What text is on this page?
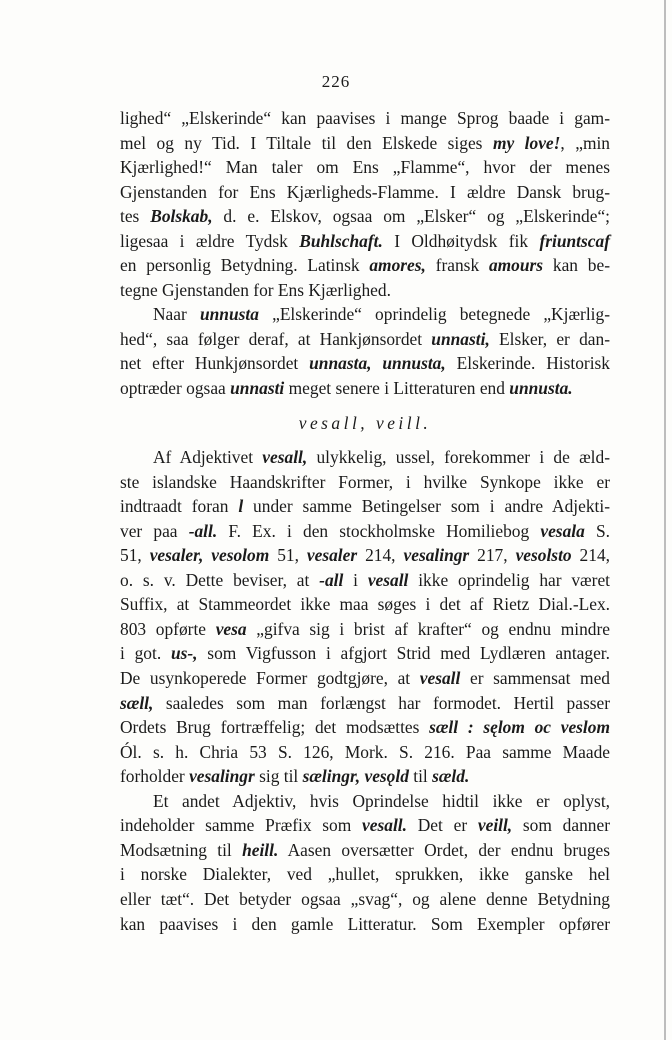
226
lighed“ „Elskerinde“ kan paavises i mange Sprog baade i gam-
mel og ny Tid. I Tiltale til den Elskede siges my love!, „min
Kjærlighed!“ Man taler om Ens „Flamme“, hvor der menes
Gjenstanden for Ens Kjærligheds-Flamme. I ældre Dansk brug-
tes Bolskab, d. e. Elskov, ogsaa om „Elsker“ og „Elskerinde“;
ligesaa i ældre Tydsk Buhlschaft. I Oldhøitydsk fik friuntscaf
en personlig Betydning. Latinsk amores, fransk amours kan be-
tegne Gjenstanden for Ens Kjærlighed.
Naar unnusta „Elskerinde“ oprindelig betegnede „Kjærlig-
hed“, saa følger deraf, at Hankjønsordet unnasti, Elsker, er dan-
net efter Hunkjønsordet unnasta, unnusta, Elskerinde. Historisk
optræder ogsaa unnasti meget senere i Litteraturen end unnusta.
vesall, veill.
Af Adjektivet vesall, ulykkelig, ussel, forekommer i de æld-
ste islandske Haandskrifter Former, i hvilke Synkope ikke er
indtraadt foran l under samme Betingelser som i andre Adjekti-
ver paa -all. F. Ex. i den stockholmske Homiliebog vesala S.
51, vesaler, vesolom 51, vesaler 214, vesalingr 217, vesolsto 214,
o. s. v. Dette beviser, at -all i vesall ikke oprindelig har været
Suffix, at Stammeordet ikke maa søges i det af Rietz Dial.-Lex.
803 opførte vesa „gifva sig i brist af krafter“ og endnu mindre
i got. us-, som Vigfusson i afgjort Strid med Lydlæren antager.
De usynkoperede Former godtgjøre, at vesall er sammensat med
sæll, saaledes som man forlængst har formodet. Hertil passer
Ordets Brug fortræffelig; det modsættes sæll : sęlom oc veslom
Ól. s. h. Chria 53 S. 126, Mork. S. 216. Paa samme Maade
forholder vesalingr sig til sælingr, vesǫld til sæld.
Et andet Adjektiv, hvis Oprindelse hidtil ikke er oplyst,
indeholder samme Præfix som vesall. Det er veill, som danner
Modsætning til heill. Aasen oversætter Ordet, der endnu bruges
i norske Dialekter, ved „hullet, sprukken, ikke ganske hel
eller tæt“. Det betyder ogsaa „svag“, og alene denne Betydning
kan paavises i den gamle Litteratur. Som Exempler opfører
